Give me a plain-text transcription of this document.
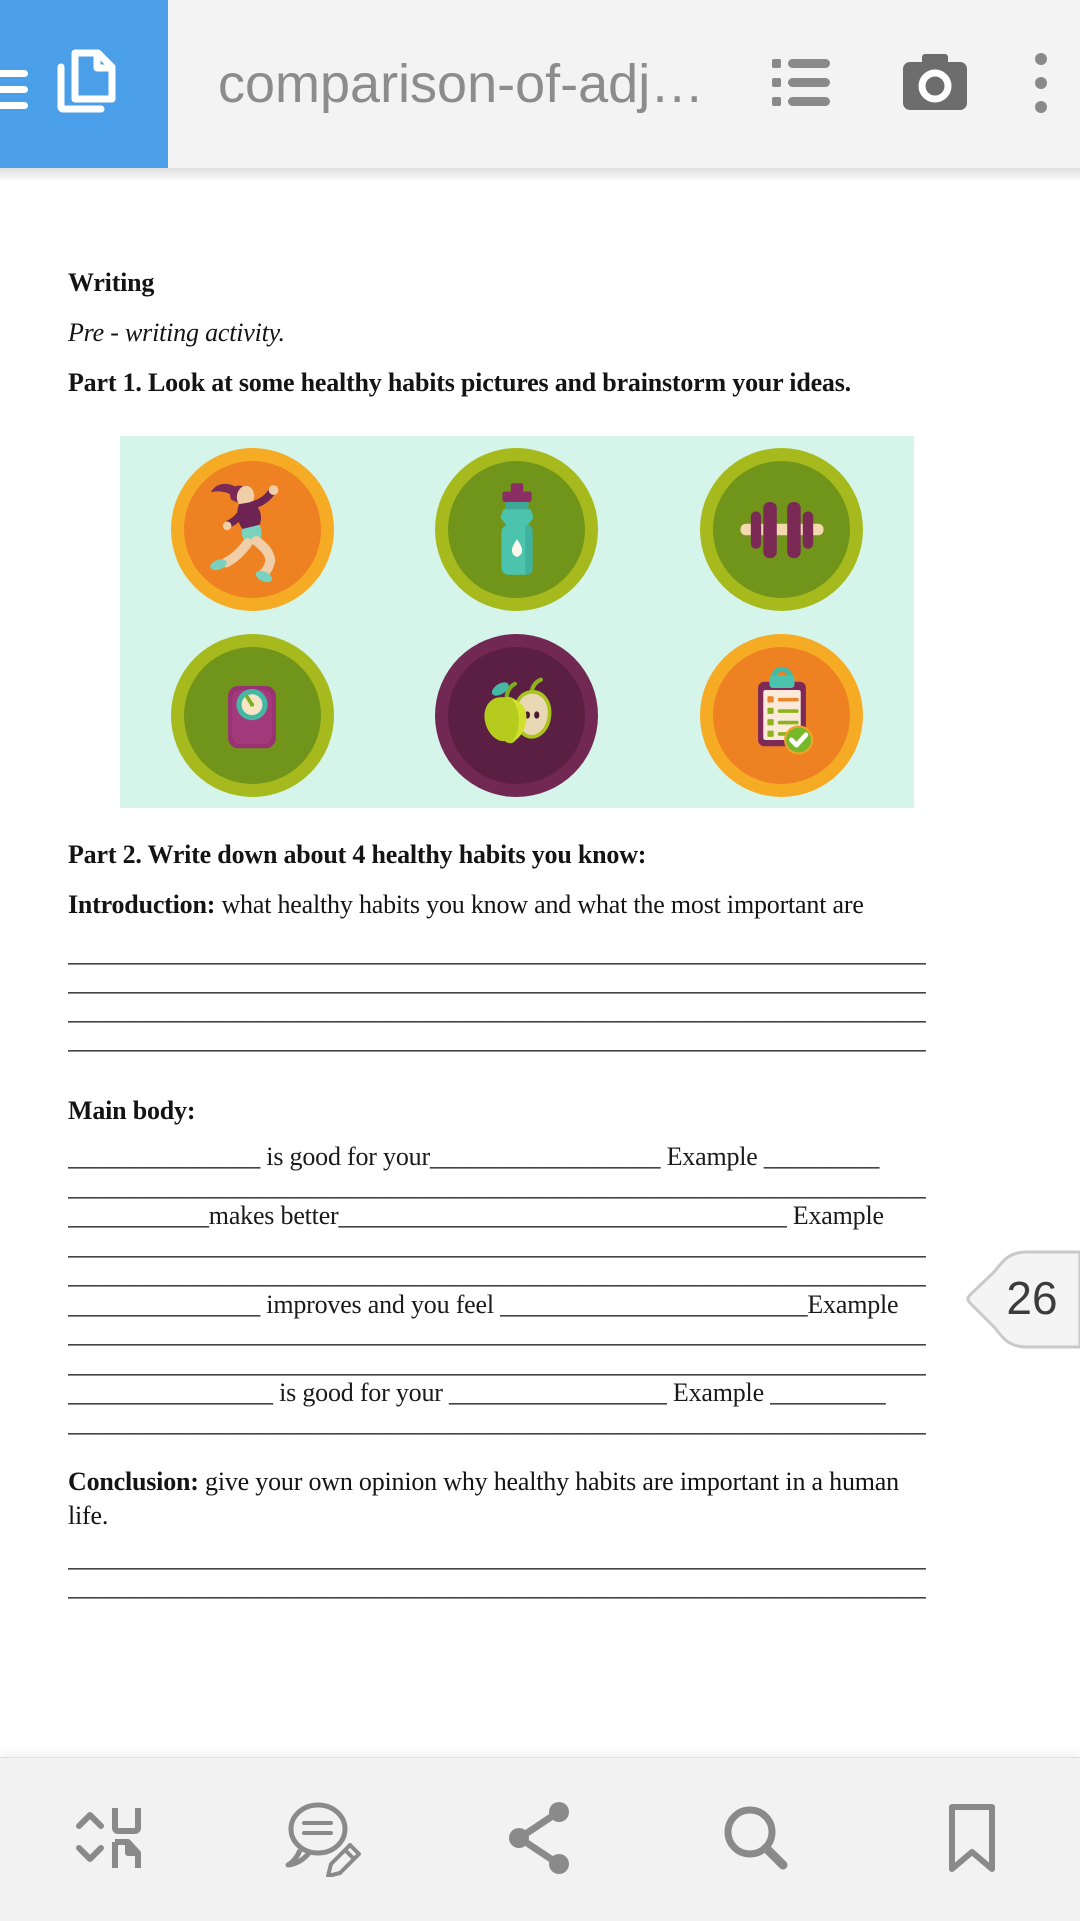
comparison-of-adj…

Writing

Pre - writing activity.

Part 1. Look at some healthy habits pictures and brainstorm your ideas.

Part 2. Write down about 4 healthy habits you know:

Introduction: what healthy habits you know and what the most important are

___________________________________________________________________
___________________________________________________________________
___________________________________________________________________
___________________________________________________________________

Main body:

_______________ is good for your__________________ Example _________
___________________________________________________________________
___________makes better___________________________________ Example
___________________________________________________________________
___________________________________________________________________
_______________ improves and you feel ________________________Example
___________________________________________________________________
___________________________________________________________________
________________ is good for your _________________ Example _________
___________________________________________________________________

Conclusion: give your own opinion why healthy habits are important in a human life.

___________________________________________________________________
___________________________________________________________________
26
